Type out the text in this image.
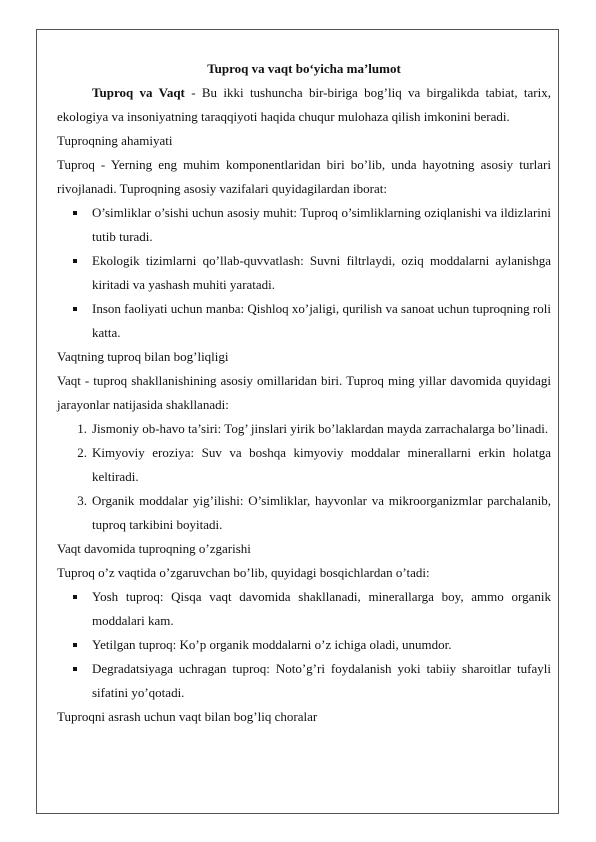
Tuproq va vaqt bo‘yicha ma’lumot

Tuproq va Vaqt - Bu ikki tushuncha bir-biriga bog’liq va birgalikda tabiat, tarix, ekologiya va insoniyatning taraqqiyoti haqida chuqur mulohaza qilish imkonini beradi.

Tuproqning ahamiyati

Tuproq - Yerning eng muhim komponentlaridan biri bo’lib, unda hayotning asosiy turlari rivojlanadi. Tuproqning asosiy vazifalari quyidagilardan iborat:

O’simliklar o’sishi uchun asosiy muhit: Tuproq o’simliklarning oziqlanishi va ildizlarini tutib turadi.
Ekologik tizimlarni qo’llab-quvvatlash: Suvni filtrlaydi, oziq moddalarni aylanishga kiritadi va yashash muhiti yaratadi.
Inson faoliyati uchun manba: Qishloq xo’jaligi, qurilish va sanoat uchun tuproqning roli katta.

Vaqtning tuproq bilan bog’liqligi

Vaqt - tuproq shakllanishining asosiy omillaridan biri. Tuproq ming yillar davomida quyidagi jarayonlar natijasida shakllanadi:

1. Jismoniy ob-havo ta’siri: Tog’ jinslari yirik bo’laklardan mayda zarrachalarga bo’linadi.
2. Kimyoviy eroziya: Suv va boshqa kimyoviy moddalar minerallarni erkin holatga keltiradi.
3. Organik moddalar yig’ilishi: O’simliklar, hayvonlar va mikroorganizmlar parchalanib, tuproq tarkibini boyitadi.

Vaqt davomida tuproqning o’zgarishi

Tuproq o’z vaqtida o’zgaruvchan bo’lib, quyidagi bosqichlardan o’tadi:

Yosh tuproq: Qisqa vaqt davomida shakllanadi, minerallarga boy, ammo organik moddalari kam.
Yetilgan tuproq: Ko’p organik moddalarni o’z ichiga oladi, unumdor.
Degradatsiyaga uchragan tuproq: Noto’g’ri foydalanish yoki tabiiy sharoitlar tufayli sifatini yo’qotadi.

Tuproqni asrash uchun vaqt bilan bog’liq choralar
